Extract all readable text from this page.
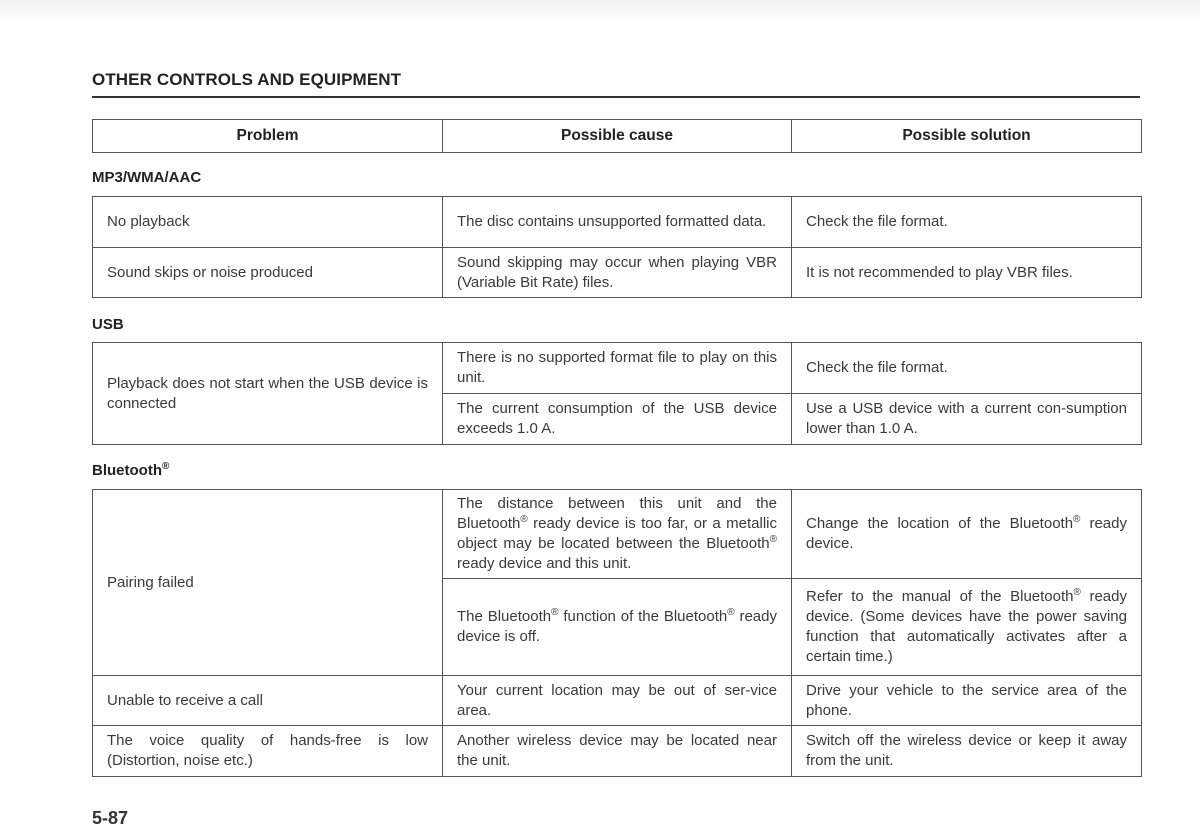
OTHER CONTROLS AND EQUIPMENT
Problem	Possible cause	Possible solution
MP3/WMA/AAC
No playback	The disc contains unsupported formatted data.	Check the file format.
Sound skips or noise produced	Sound skipping may occur when playing VBR (Variable Bit Rate) files.	It is not recommended to play VBR files.
USB
Playback does not start when the USB device is connected	There is no supported format file to play on this unit.	Check the file format.
	The current consumption of the USB device exceeds 1.0 A.	Use a USB device with a current con-sumption lower than 1.0 A.
Bluetooth®
Pairing failed	The distance between this unit and the Bluetooth® ready device is too far, or a metallic object may be located between the Bluetooth® ready device and this unit.	Change the location of the Bluetooth® ready device.
	The Bluetooth® function of the Bluetooth® ready device is off.	Refer to the manual of the Bluetooth® ready device. (Some devices have the power saving function that automatically activates after a certain time.)
Unable to receive a call	Your current location may be out of ser-vice area.	Drive your vehicle to the service area of the phone.
The voice quality of hands-free is low (Distortion, noise etc.)	Another wireless device may be located near the unit.	Switch off the wireless device or keep it away from the unit.
5-87
